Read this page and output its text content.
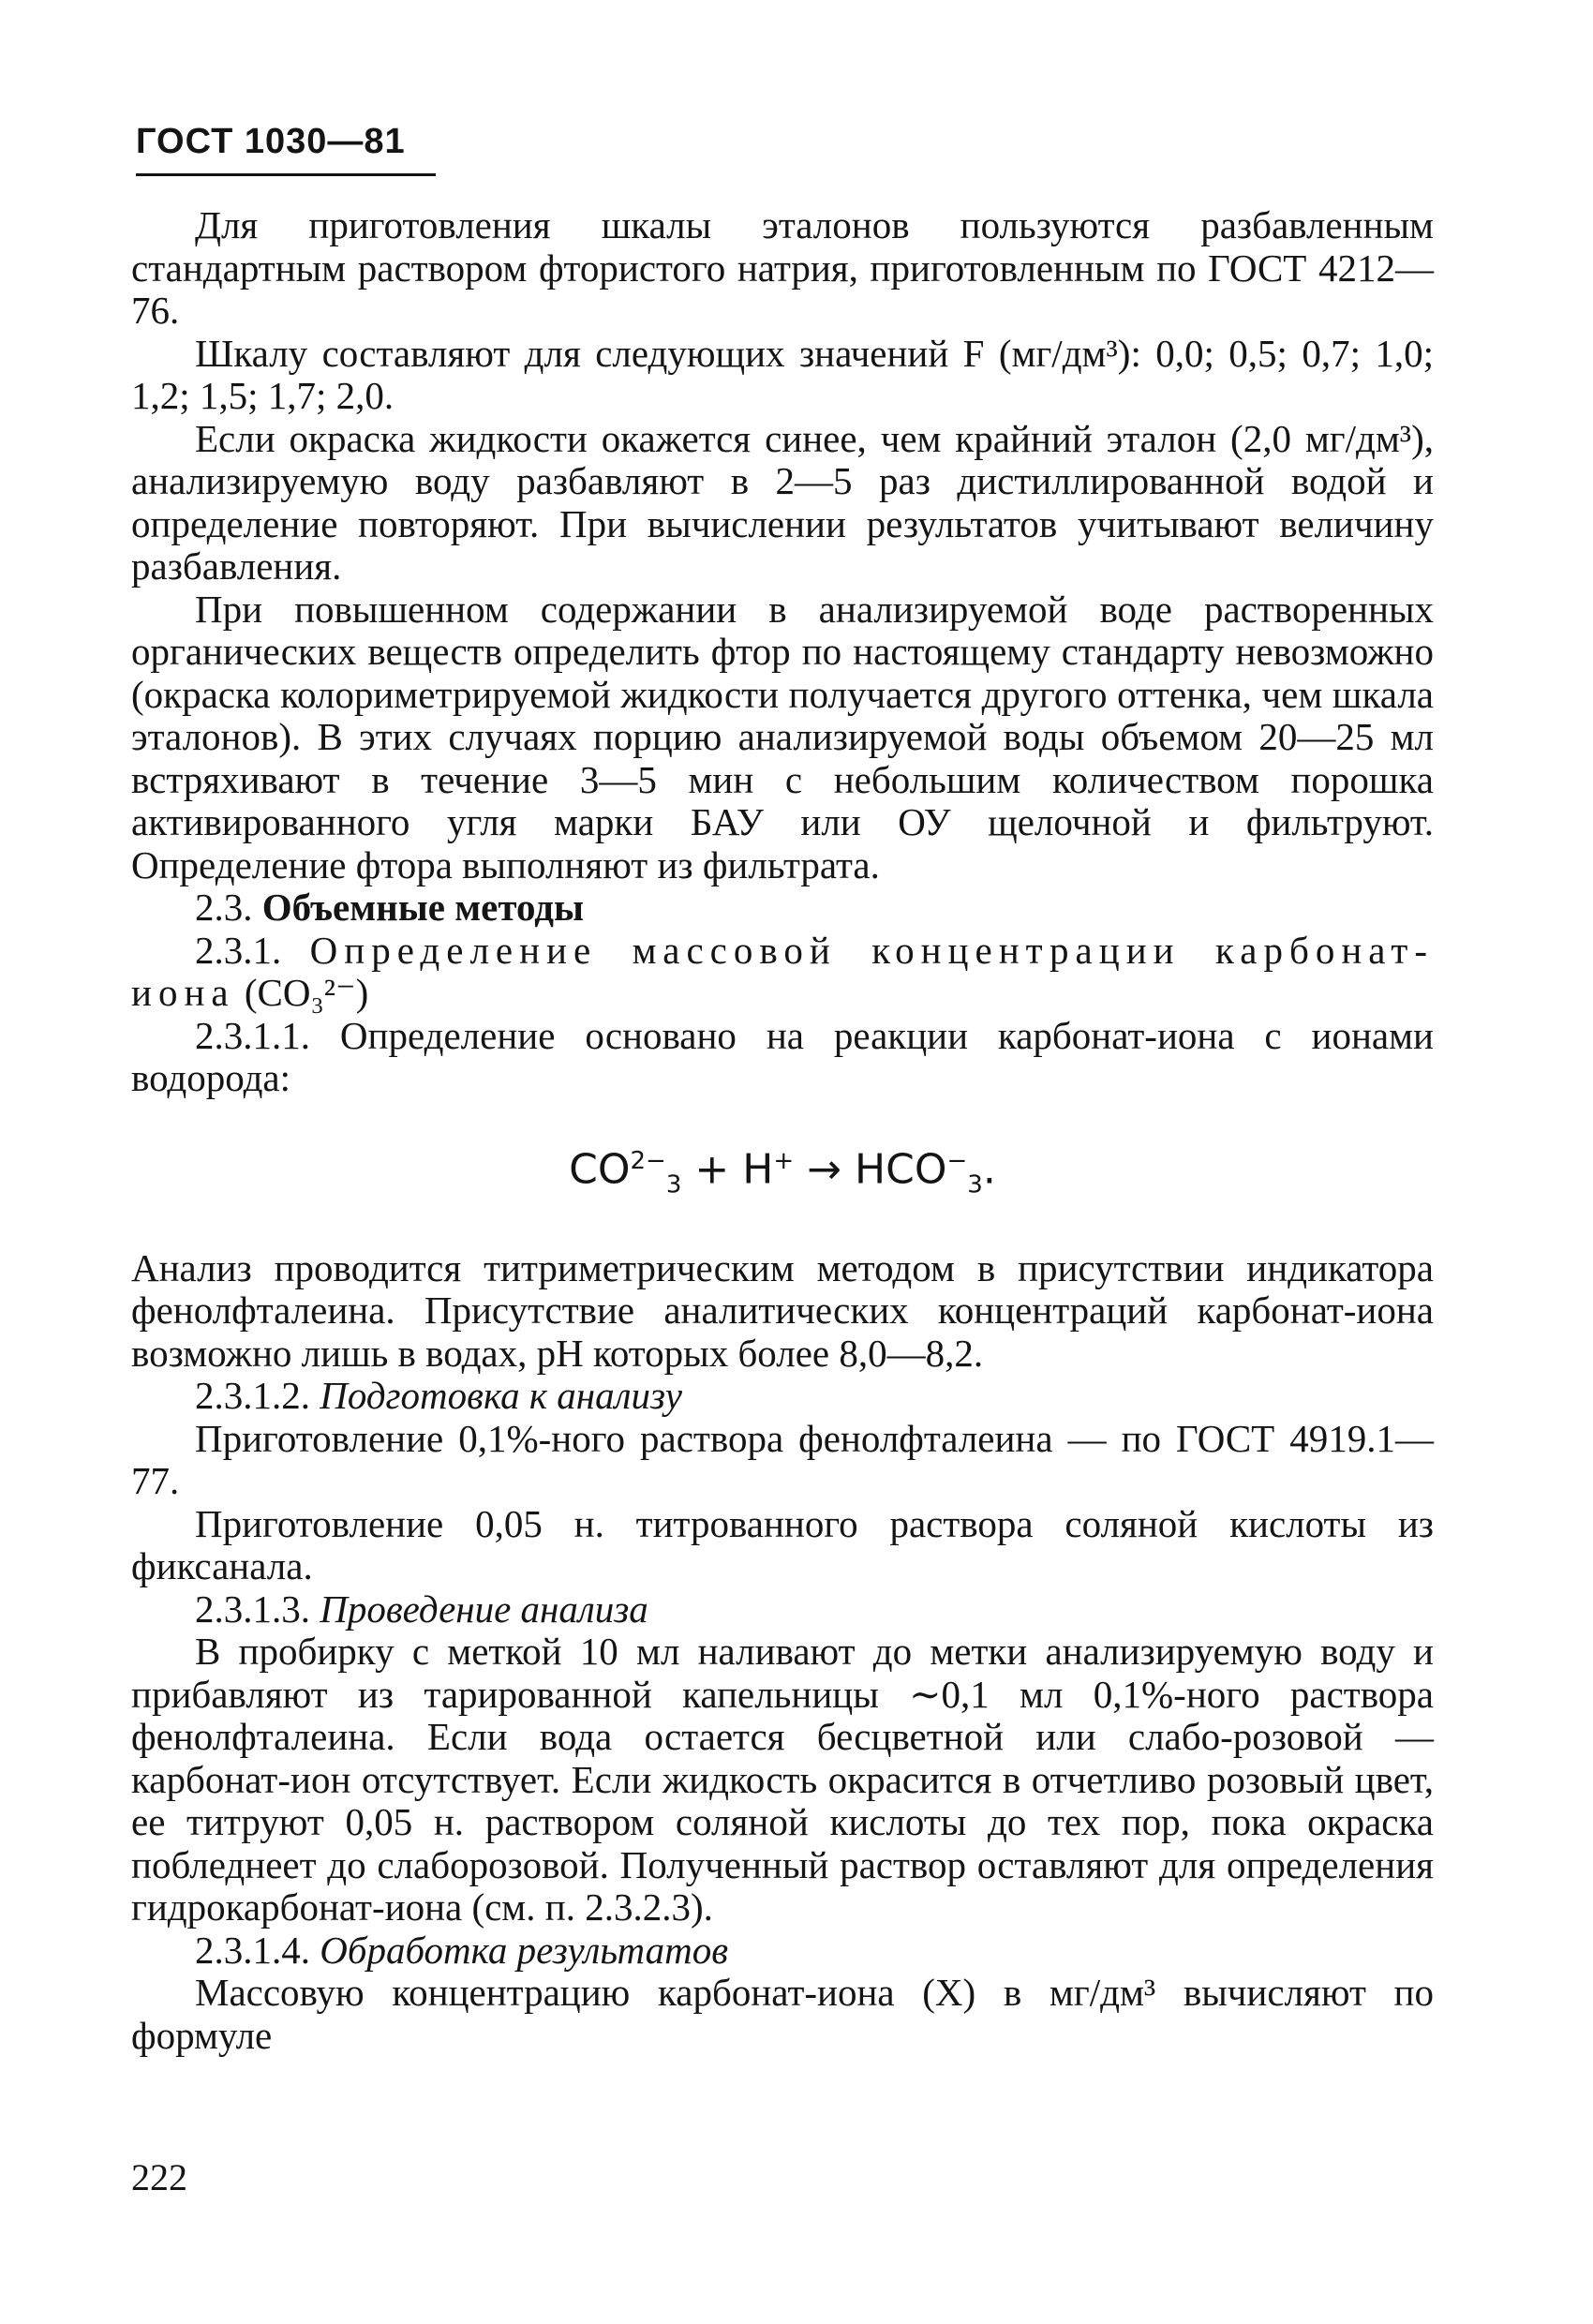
ГОСТ 1030—81

Для приготовления шкалы эталонов пользуются разбавленным стандартным раствором фтористого натрия, приготовленным по ГОСТ 4212—76.

Шкалу составляют для следующих значений F (мг/дм³): 0,0; 0,5; 0,7; 1,0; 1,2; 1,5; 1,7; 2,0.

Если окраска жидкости окажется синее, чем крайний эталон (2,0 мг/дм³), анализируемую воду разбавляют в 2—5 раз дистиллированной водой и определение повторяют. При вычислении результатов учитывают величину разбавления.

При повышенном содержании в анализируемой воде растворенных органических веществ определить фтор по настоящему стандарту невозможно (окраска колориметрируемой жидкости получается другого оттенка, чем шкала эталонов). В этих случаях порцию анализируемой воды объемом 20—25 мл встряхивают в течение 3—5 мин с небольшим количеством порошка активированного угля марки БАУ или ОУ щелочной и фильтруют. Определение фтора выполняют из фильтрата.

2.3. Объемные методы

2.3.1. Определение массовой концентрации карбонат-иона (CO₃²⁻)

2.3.1.1. Определение основано на реакции карбонат-иона с ионами водорода:

$CO^{2-}_3 + H^+ \to HCO^-_3$.

Анализ проводится титриметрическим методом в присутствии индикатора фенолфталеина. Присутствие аналитических концентраций карбонат-иона возможно лишь в водах, pH которых более 8,0—8,2.

2.3.1.2. Подготовка к анализу

Приготовление 0,1%-ного раствора фенолфталеина — по ГОСТ 4919.1—77.

Приготовление 0,05 н. титрованного раствора соляной кислоты из фиксанала.

2.3.1.3. Проведение анализа

В пробирку с меткой 10 мл наливают до метки анализируемую воду и прибавляют из тарированной капельницы ∼0,1 мл 0,1%-ного раствора фенолфталеина. Если вода остается бесцветной или слабо-розовой — карбонат-ион отсутствует. Если жидкость окрасится в отчетливо розовый цвет, ее титруют 0,05 н. раствором соляной кислоты до тех пор, пока окраска побледнеет до слаборозовой. Полученный раствор оставляют для определения гидрокарбонат-иона (см. п. 2.3.2.3).

2.3.1.4. Обработка результатов

Массовую концентрацию карбонат-иона (X) в мг/дм³ вычисляют по формуле

222
